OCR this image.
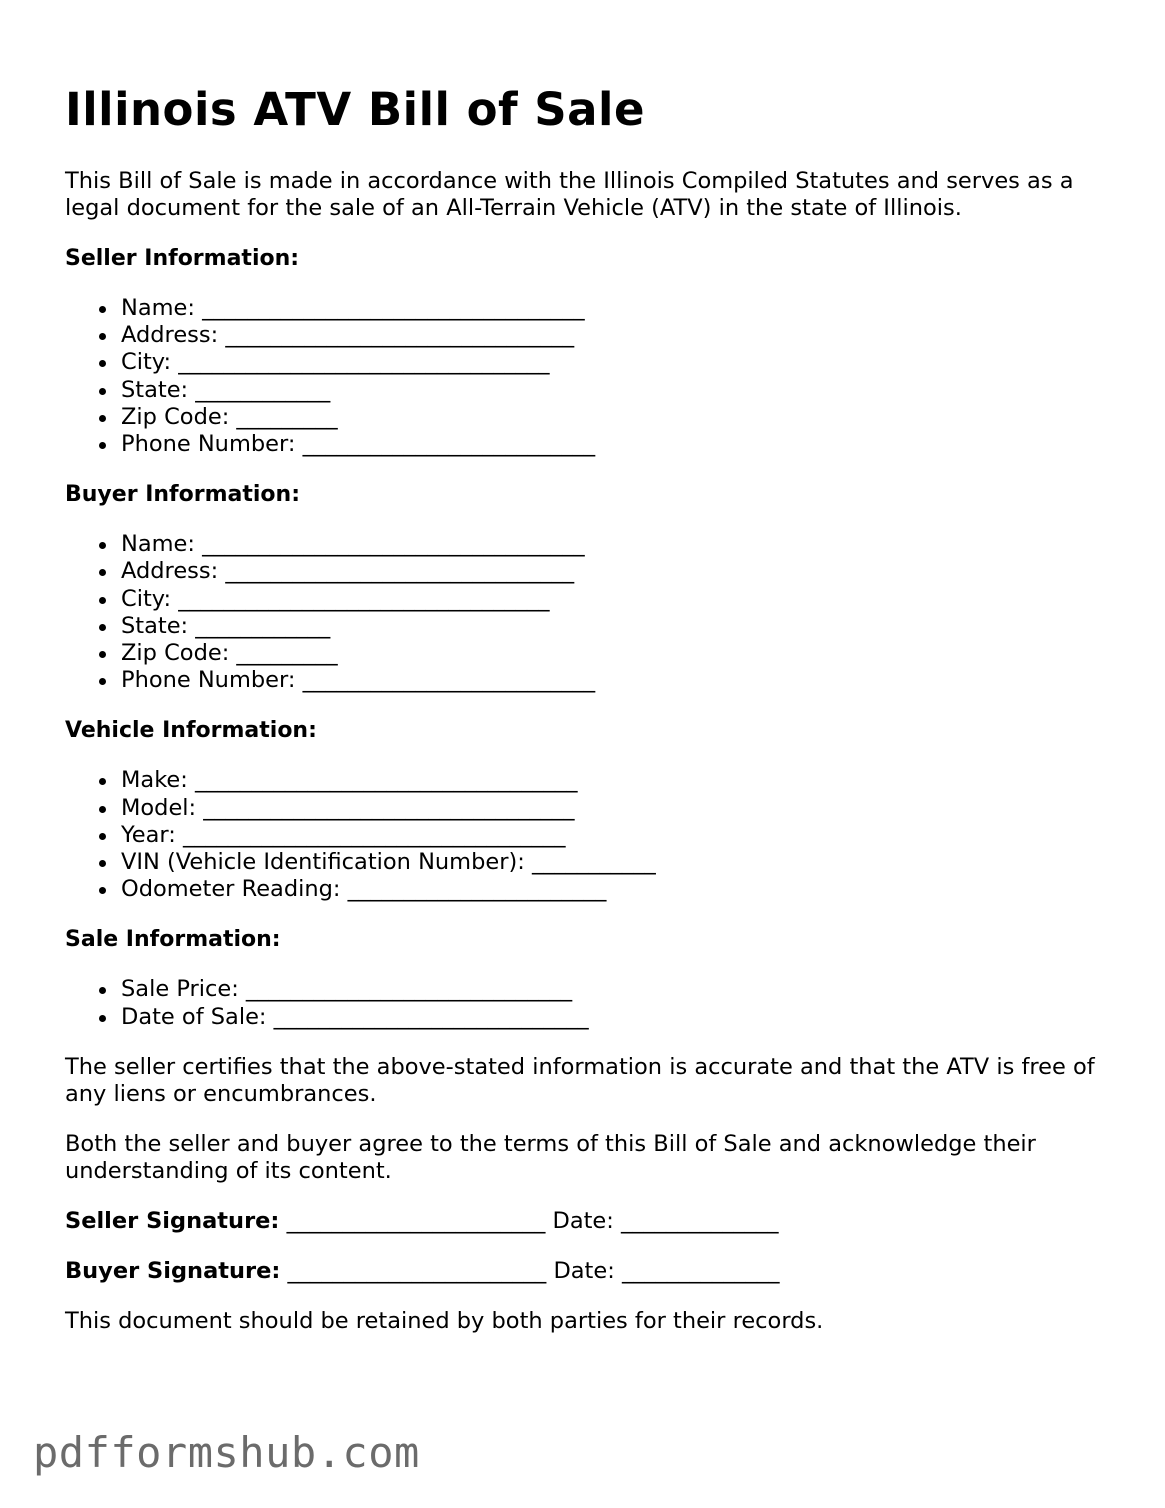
Illinois ATV Bill of Sale

This Bill of Sale is made in accordance with the Illinois Compiled Statutes and serves as a legal document for the sale of an All-Terrain Vehicle (ATV) in the state of Illinois.

Seller Information:
Name: __________________________________
Address: _______________________________
City: _________________________________
State: ____________
Zip Code: _________
Phone Number: __________________________
Buyer Information:
Name: __________________________________
Address: _______________________________
City: _________________________________
State: ____________
Zip Code: _________
Phone Number: __________________________
Vehicle Information:
Make: __________________________________
Model: _________________________________
Year: __________________________________
VIN (Vehicle Identification Number): ___________
Odometer Reading: _______________________
Sale Information:
Sale Price: _____________________________
Date of Sale: ____________________________

The seller certifies that the above-stated information is accurate and that the ATV is free of any liens or encumbrances.

Both the seller and buyer agree to the terms of this Bill of Sale and acknowledge their understanding of its content.

Seller Signature: _______________________ Date: ______________

Buyer Signature: _______________________ Date: ______________

This document should be retained by both parties for their records.

pdfformshub.com
